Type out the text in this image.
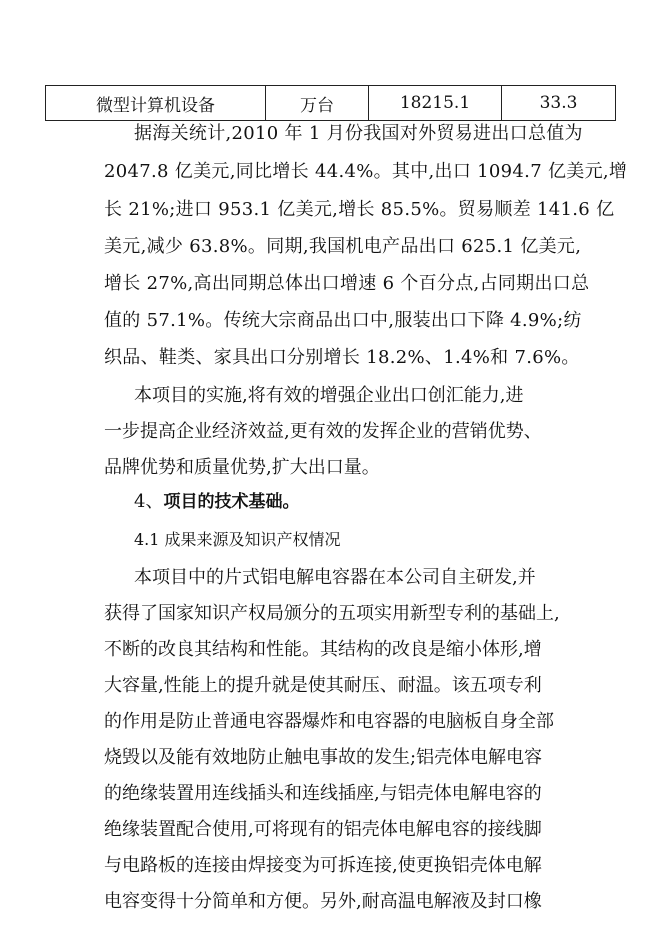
微型计算机设备	万台	18215.1	33.3
据海关统计,2010 年 1 月份我国对外贸易进出口总值为
2047.8 亿美元,同比增长 44.4%。其中,出口 1094.7 亿美元,增
长 21%;进口 953.1 亿美元,增长 85.5%。贸易顺差 141.6 亿
美元,减少 63.8%。同期,我国机电产品出口 625.1 亿美元,
增长 27%,高出同期总体出口增速 6 个百分点,占同期出口总
值的 57.1%。传统大宗商品出口中,服装出口下降 4.9%;纺
织品、鞋类、家具出口分别增长 18.2%、1.4%和 7.6%。
本项目的实施,将有效的增强企业出口创汇能力,进
一步提高企业经济效益,更有效的发挥企业的营销优势、
品牌优势和质量优势,扩大出口量。
4、项目的技术基础。
4.1 成果来源及知识产权情况
本项目中的片式铝电解电容器在本公司自主研发,并
获得了国家知识产权局颁分的五项实用新型专利的基础上,
不断的改良其结构和性能。其结构的改良是缩小体形,增
大容量,性能上的提升就是使其耐压、耐温。该五项专利
的作用是防止普通电容器爆炸和电容器的电脑板自身全部
烧毁以及能有效地防止触电事故的发生;铝壳体电解电容
的绝缘装置用连线插头和连线插座,与铝壳体电解电容的
绝缘装置配合使用,可将现有的铝壳体电解电容的接线脚
与电路板的连接由焊接变为可拆连接,使更换铝壳体电解
电容变得十分简单和方便。另外,耐高温电解液及封口橡
